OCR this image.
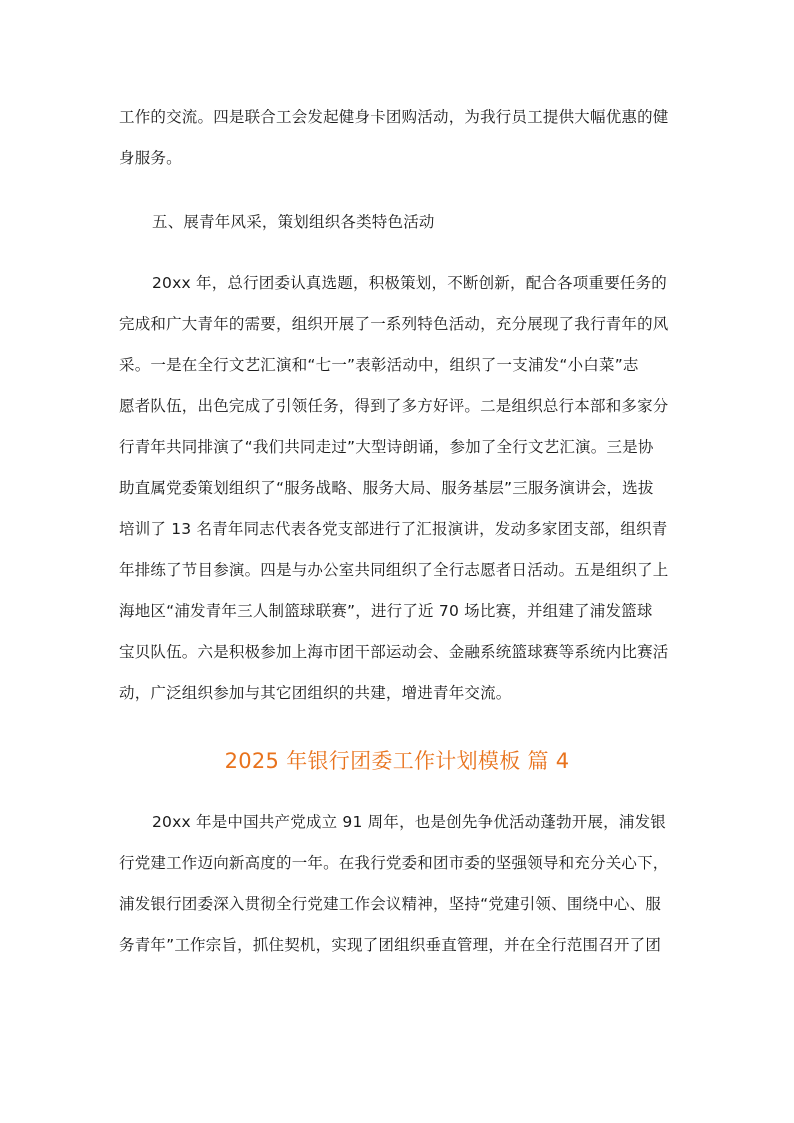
工作的交流。四是联合工会发起健身卡团购活动，为我行员工提供大幅优惠的健
身服务。
五、展青年风采，策划组织各类特色活动
20xx 年，总行团委认真选题，积极策划，不断创新，配合各项重要任务的
完成和广大青年的需要，组织开展了一系列特色活动，充分展现了我行青年的风
采。一是在全行文艺汇演和“七一”表彰活动中，组织了一支浦发“小白菜”志
愿者队伍，出色完成了引领任务，得到了多方好评。二是组织总行本部和多家分
行青年共同排演了“我们共同走过”大型诗朗诵，参加了全行文艺汇演。三是协
助直属党委策划组织了“服务战略、服务大局、服务基层”三服务演讲会，选拔
培训了 13 名青年同志代表各党支部进行了汇报演讲，发动多家团支部，组织青
年排练了节目参演。四是与办公室共同组织了全行志愿者日活动。五是组织了上
海地区“浦发青年三人制篮球联赛”，进行了近 70 场比赛，并组建了浦发篮球
宝贝队伍。六是积极参加上海市团干部运动会、金融系统篮球赛等系统内比赛活
动，广泛组织参加与其它团组织的共建，增进青年交流。
2025 年银行团委工作计划模板 篇 4
20xx 年是中国共产党成立 91 周年，也是创先争优活动蓬勃开展，浦发银
行党建工作迈向新高度的一年。在我行党委和团市委的坚强领导和充分关心下，
浦发银行团委深入贯彻全行党建工作会议精神，坚持“党建引领、围绕中心、服
务青年”工作宗旨，抓住契机，实现了团组织垂直管理，并在全行范围召开了团
